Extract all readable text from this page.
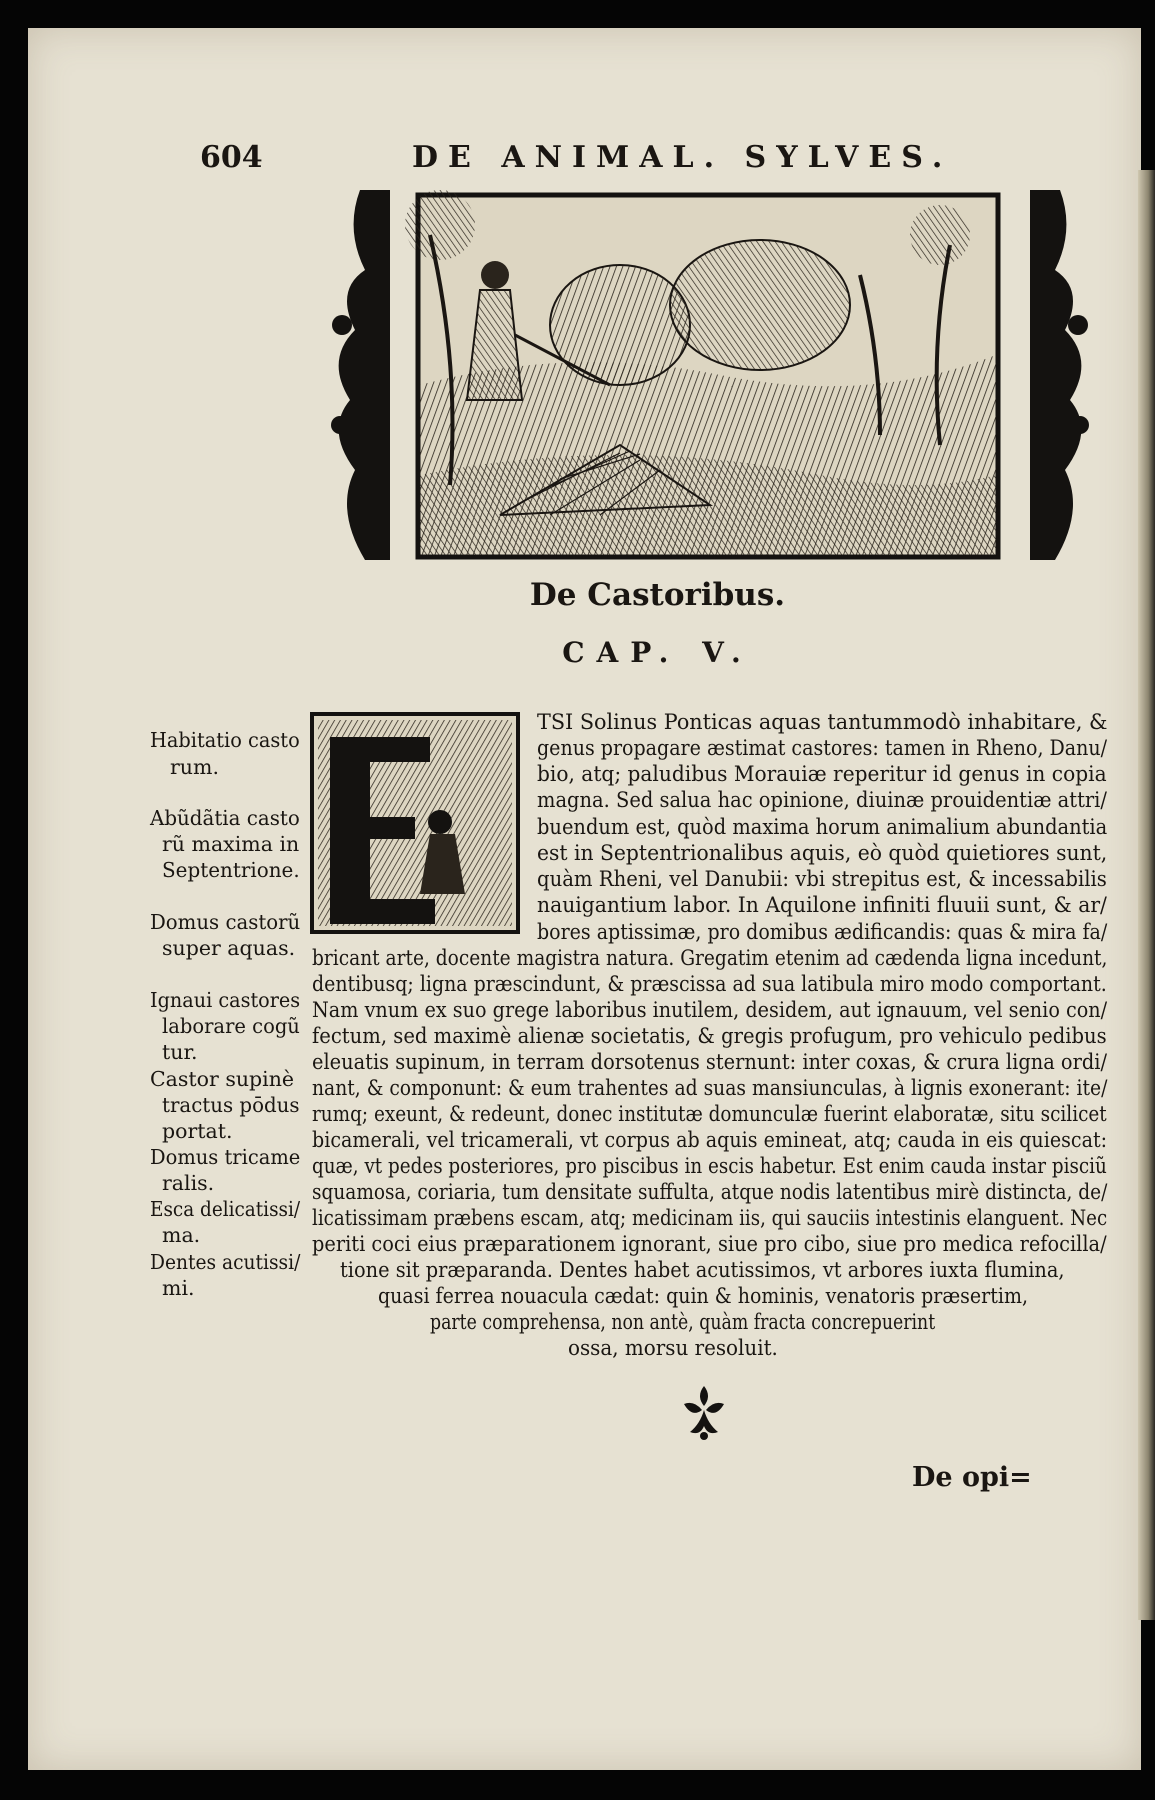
604	DE ANIMAL. SYLVES.
De Castoribus.
CAP. V.
TSI Solinus Ponticas aquas tantummodò inhabitare, &
genus propagare æstimat castores: tamen in Rheno, Danu/
bio, atq; paludibus Morauiæ reperitur id genus in copia
magna. Sed salua hac opinione, diuinæ prouidentiæ attri/
buendum est, quòd maxima horum animalium abundantia
est in Septentrionalibus aquis, eò quòd quietiores sunt,
quàm Rheni, vel Danubii: vbi strepitus est, & incessabilis
nauigantium labor. In Aquilone infiniti fluuii sunt, & ar/
bores aptissimæ, pro domibus ædificandis: quas & mira fa/
bricant arte, docente magistra natura. Gregatim etenim ad cædenda ligna incedunt,
dentibusq; ligna præscindunt, & præscissa ad sua latibula miro modo comportant.
Nam vnum ex suo grege laboribus inutilem, desidem, aut ignauum, vel senio con/
fectum, sed maximè alienæ societatis, & gregis profugum, pro vehiculo pedibus
eleuatis supinum, in terram dorsotenus sternunt: inter coxas, & crura ligna ordi/
nant, & componunt: & eum trahentes ad suas mansiunculas, à lignis exonerant: ite/
rumq; exeunt, & redeunt, donec institutæ domunculæ fuerint elaboratæ, situ scilicet
bicamerali, vel tricamerali, vt corpus ab aquis emineat, atq; cauda in eis quiescat:
quæ, vt pedes posteriores, pro piscibus in escis habetur. Est enim cauda instar pisciũ
squamosa, coriaria, tum densitate suffulta, atque nodis latentibus mirè distincta, de/
licatissimam præbens escam, atq; medicinam iis, qui sauciis intestinis elanguent. Nec
periti coci eius præparationem ignorant, siue pro cibo, siue pro medica refocilla/
tione sit præparanda. Dentes habet acutissimos, vt arbores iuxta flumina,
quasi ferrea nouacula cædat: quin & hominis, venatoris præsertim,
parte comprehensa, non antè, quàm fracta concrepuerint
ossa, morsu resoluit.
Habitatio casto
rum.
Abũdãtia casto
rũ maxima in
Septentrione.
Domus castorũ
super aquas.
Ignaui castores
laborare cogũ
tur.
Castor supinè
tractus pōdus
portat.
Domus tricame
ralis.
Esca delicatissi/
ma.
Dentes acutissi/
mi.
De opi=
